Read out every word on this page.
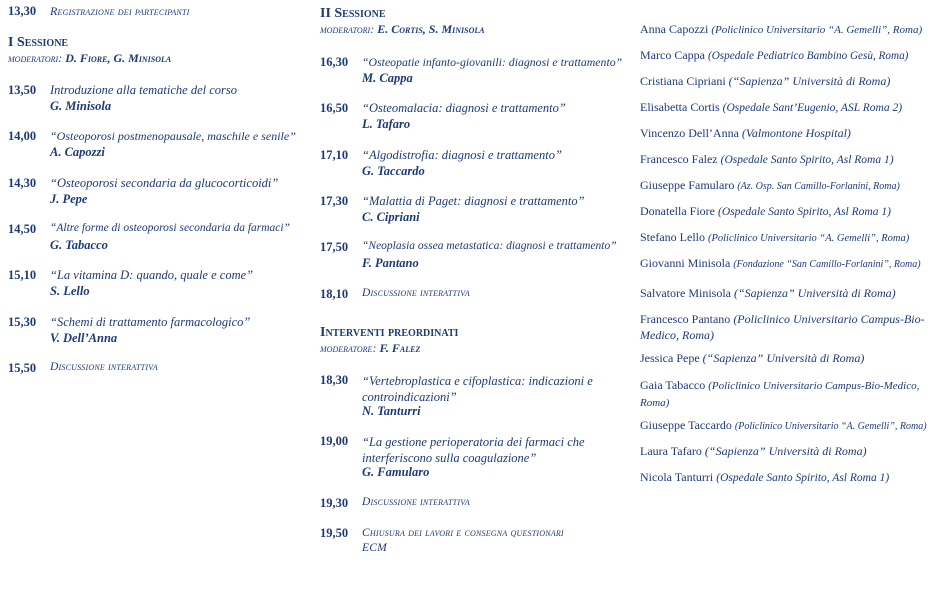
13,30 Registrazione dei partecipanti
I Sessione
moderatori: D. Fiore, G. Minisola
13,50 Introduzione alla tematiche del corso
G. Minisola
14,00 “Osteoporosi postmenopausale, maschile e senile”
A. Capozzi
14,30 “Osteoporosi secondaria da glucocorticoidi”
J. Pepe
14,50 “Altre forme di osteoporosi secondaria da farmaci”
G. Tabacco
15,10 “La vitamina D: quando, quale e come”
S. Lello
15,30 “Schemi di trattamento farmacologico”
V. Dell’Anna
15,50 Discussione interattiva
II Sessione
moderatori: E. Cortis, S. Minisola
16,30 “Osteopatie infanto-giovanili: diagnosi e trattamento”
M. Cappa
16,50 “Osteomalacia: diagnosi e trattamento”
L. Tafaro
17,10 “Algodistrofia: diagnosi e trattamento”
G. Taccardo
17,30 “Malattia di Paget: diagnosi e trattamento”
C. Cipriani
17,50 “Neoplasia ossea metastatica: diagnosi e trattamento”
F. Pantano
18,10 Discussione interattiva
Interventi preordinati
moderatore: F. Falez
18,30 “Vertebroplastica e cifoplastica: indicazioni e controindicazioni”
N. Tanturri
19,00 “La gestione perioperatoria dei farmaci che interferiscono sulla coagulazione”
G. Famularo
19,30 Discussione interattiva
19,50 Chiusura dei lavori e consegna questionari ECM
Anna Capozzi (Policlinico Universitario “A. Gemelli”, Roma)
Marco Cappa (Ospedale Pediatrico Bambino Gesù, Roma)
Cristiana Cipriani (“Sapienza” Università di Roma)
Elisabetta Cortis (Ospedale Sant’Eugenio, ASL Roma 2)
Vincenzo Dell’Anna (Valmontone Hospital)
Francesco Falez (Ospedale Santo Spirito, Asl Roma 1)
Giuseppe Famularo (Az. Osp. San Camillo-Forlanini, Roma)
Donatella Fiore (Ospedale Santo Spirito, Asl Roma 1)
Stefano Lello (Policlinico Universitario “A. Gemelli”, Roma)
Giovanni Minisola (Fondazione “San Camillo-Forlanini”, Roma)
Salvatore Minisola (“Sapienza” Università di Roma)
Francesco Pantano (Policlinico Universitario Campus-Bio-Medico, Roma)
Jessica Pepe (“Sapienza” Università di Roma)
Gaia Tabacco (Policlinico Universitario Campus-Bio-Medico, Roma)
Giuseppe Taccardo (Policlinico Universitario “A. Gemelli”, Roma)
Laura Tafaro (“Sapienza” Università di Roma)
Nicola Tanturri (Ospedale Santo Spirito, Asl Roma 1)
